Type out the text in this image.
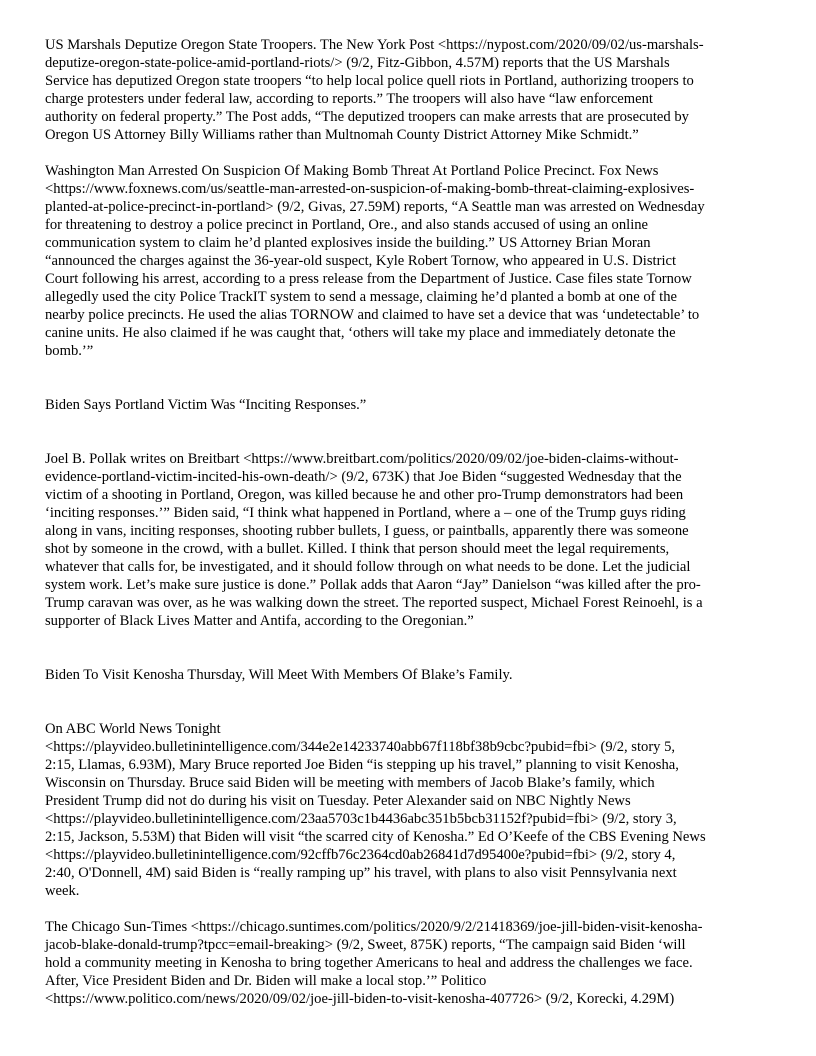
US Marshals Deputize Oregon State Troopers. The New York Post <https://nypost.com/2020/09/02/us-marshals-
deputize-oregon-state-police-amid-portland-riots/> (9/2, Fitz-Gibbon, 4.57M) reports that the US Marshals
Service has deputized Oregon state troopers “to help local police quell riots in Portland, authorizing troopers to
charge protesters under federal law, according to reports.” The troopers will also have “law enforcement
authority on federal property.” The Post adds, “The deputized troopers can make arrests that are prosecuted by
Oregon US Attorney Billy Williams rather than Multnomah County District Attorney Mike Schmidt.”

Washington Man Arrested On Suspicion Of Making Bomb Threat At Portland Police Precinct. Fox News
<https://www.foxnews.com/us/seattle-man-arrested-on-suspicion-of-making-bomb-threat-claiming-explosives-
planted-at-police-precinct-in-portland> (9/2, Givas, 27.59M) reports, “A Seattle man was arrested on Wednesday
for threatening to destroy a police precinct in Portland, Ore., and also stands accused of using an online
communication system to claim he’d planted explosives inside the building.” US Attorney Brian Moran
“announced the charges against the 36-year-old suspect, Kyle Robert Tornow, who appeared in U.S. District
Court following his arrest, according to a press release from the Department of Justice. Case files state Tornow
allegedly used the city Police TrackIT system to send a message, claiming he’d planted a bomb at one of the
nearby police precincts. He used the alias TORNOW and claimed to have set a device that was ‘undetectable’ to
canine units. He also claimed if he was caught that, ‘others will take my place and immediately detonate the
bomb.’”

Biden Says Portland Victim Was “Inciting Responses.”

Joel B. Pollak writes on Breitbart <https://www.breitbart.com/politics/2020/09/02/joe-biden-claims-without-
evidence-portland-victim-incited-his-own-death/> (9/2, 673K) that Joe Biden “suggested Wednesday that the
victim of a shooting in Portland, Oregon, was killed because he and other pro-Trump demonstrators had been
‘inciting responses.’” Biden said, “I think what happened in Portland, where a – one of the Trump guys riding
along in vans, inciting responses, shooting rubber bullets, I guess, or paintballs, apparently there was someone
shot by someone in the crowd, with a bullet. Killed. I think that person should meet the legal requirements,
whatever that calls for, be investigated, and it should follow through on what needs to be done. Let the judicial
system work. Let’s make sure justice is done.” Pollak adds that Aaron “Jay” Danielson “was killed after the pro-
Trump caravan was over, as he was walking down the street. The reported suspect, Michael Forest Reinoehl, is a
supporter of Black Lives Matter and Antifa, according to the Oregonian.”

Biden To Visit Kenosha Thursday, Will Meet With Members Of Blake’s Family.

On ABC World News Tonight
<https://playvideo.bulletinintelligence.com/344e2e14233740abb67f118bf38b9cbc?pubid=fbi> (9/2, story 5,
2:15, Llamas, 6.93M), Mary Bruce reported Joe Biden “is stepping up his travel,” planning to visit Kenosha,
Wisconsin on Thursday. Bruce said Biden will be meeting with members of Jacob Blake’s family, which
President Trump did not do during his visit on Tuesday. Peter Alexander said on NBC Nightly News
<https://playvideo.bulletinintelligence.com/23aa5703c1b4436abc351b5bcb31152f?pubid=fbi> (9/2, story 3,
2:15, Jackson, 5.53M) that Biden will visit “the scarred city of Kenosha.” Ed O’Keefe of the CBS Evening News
<https://playvideo.bulletinintelligence.com/92cffb76c2364cd0ab26841d7d95400e?pubid=fbi> (9/2, story 4,
2:40, O'Donnell, 4M) said Biden is “really ramping up” his travel, with plans to also visit Pennsylvania next
week.

The Chicago Sun-Times <https://chicago.suntimes.com/politics/2020/9/2/21418369/joe-jill-biden-visit-kenosha-
jacob-blake-donald-trump?tpcc=email-breaking> (9/2, Sweet, 875K) reports, “The campaign said Biden ‘will
hold a community meeting in Kenosha to bring together Americans to heal and address the challenges we face.
After, Vice President Biden and Dr. Biden will make a local stop.’” Politico
<https://www.politico.com/news/2020/09/02/joe-jill-biden-to-visit-kenosha-407726> (9/2, Korecki, 4.29M)
